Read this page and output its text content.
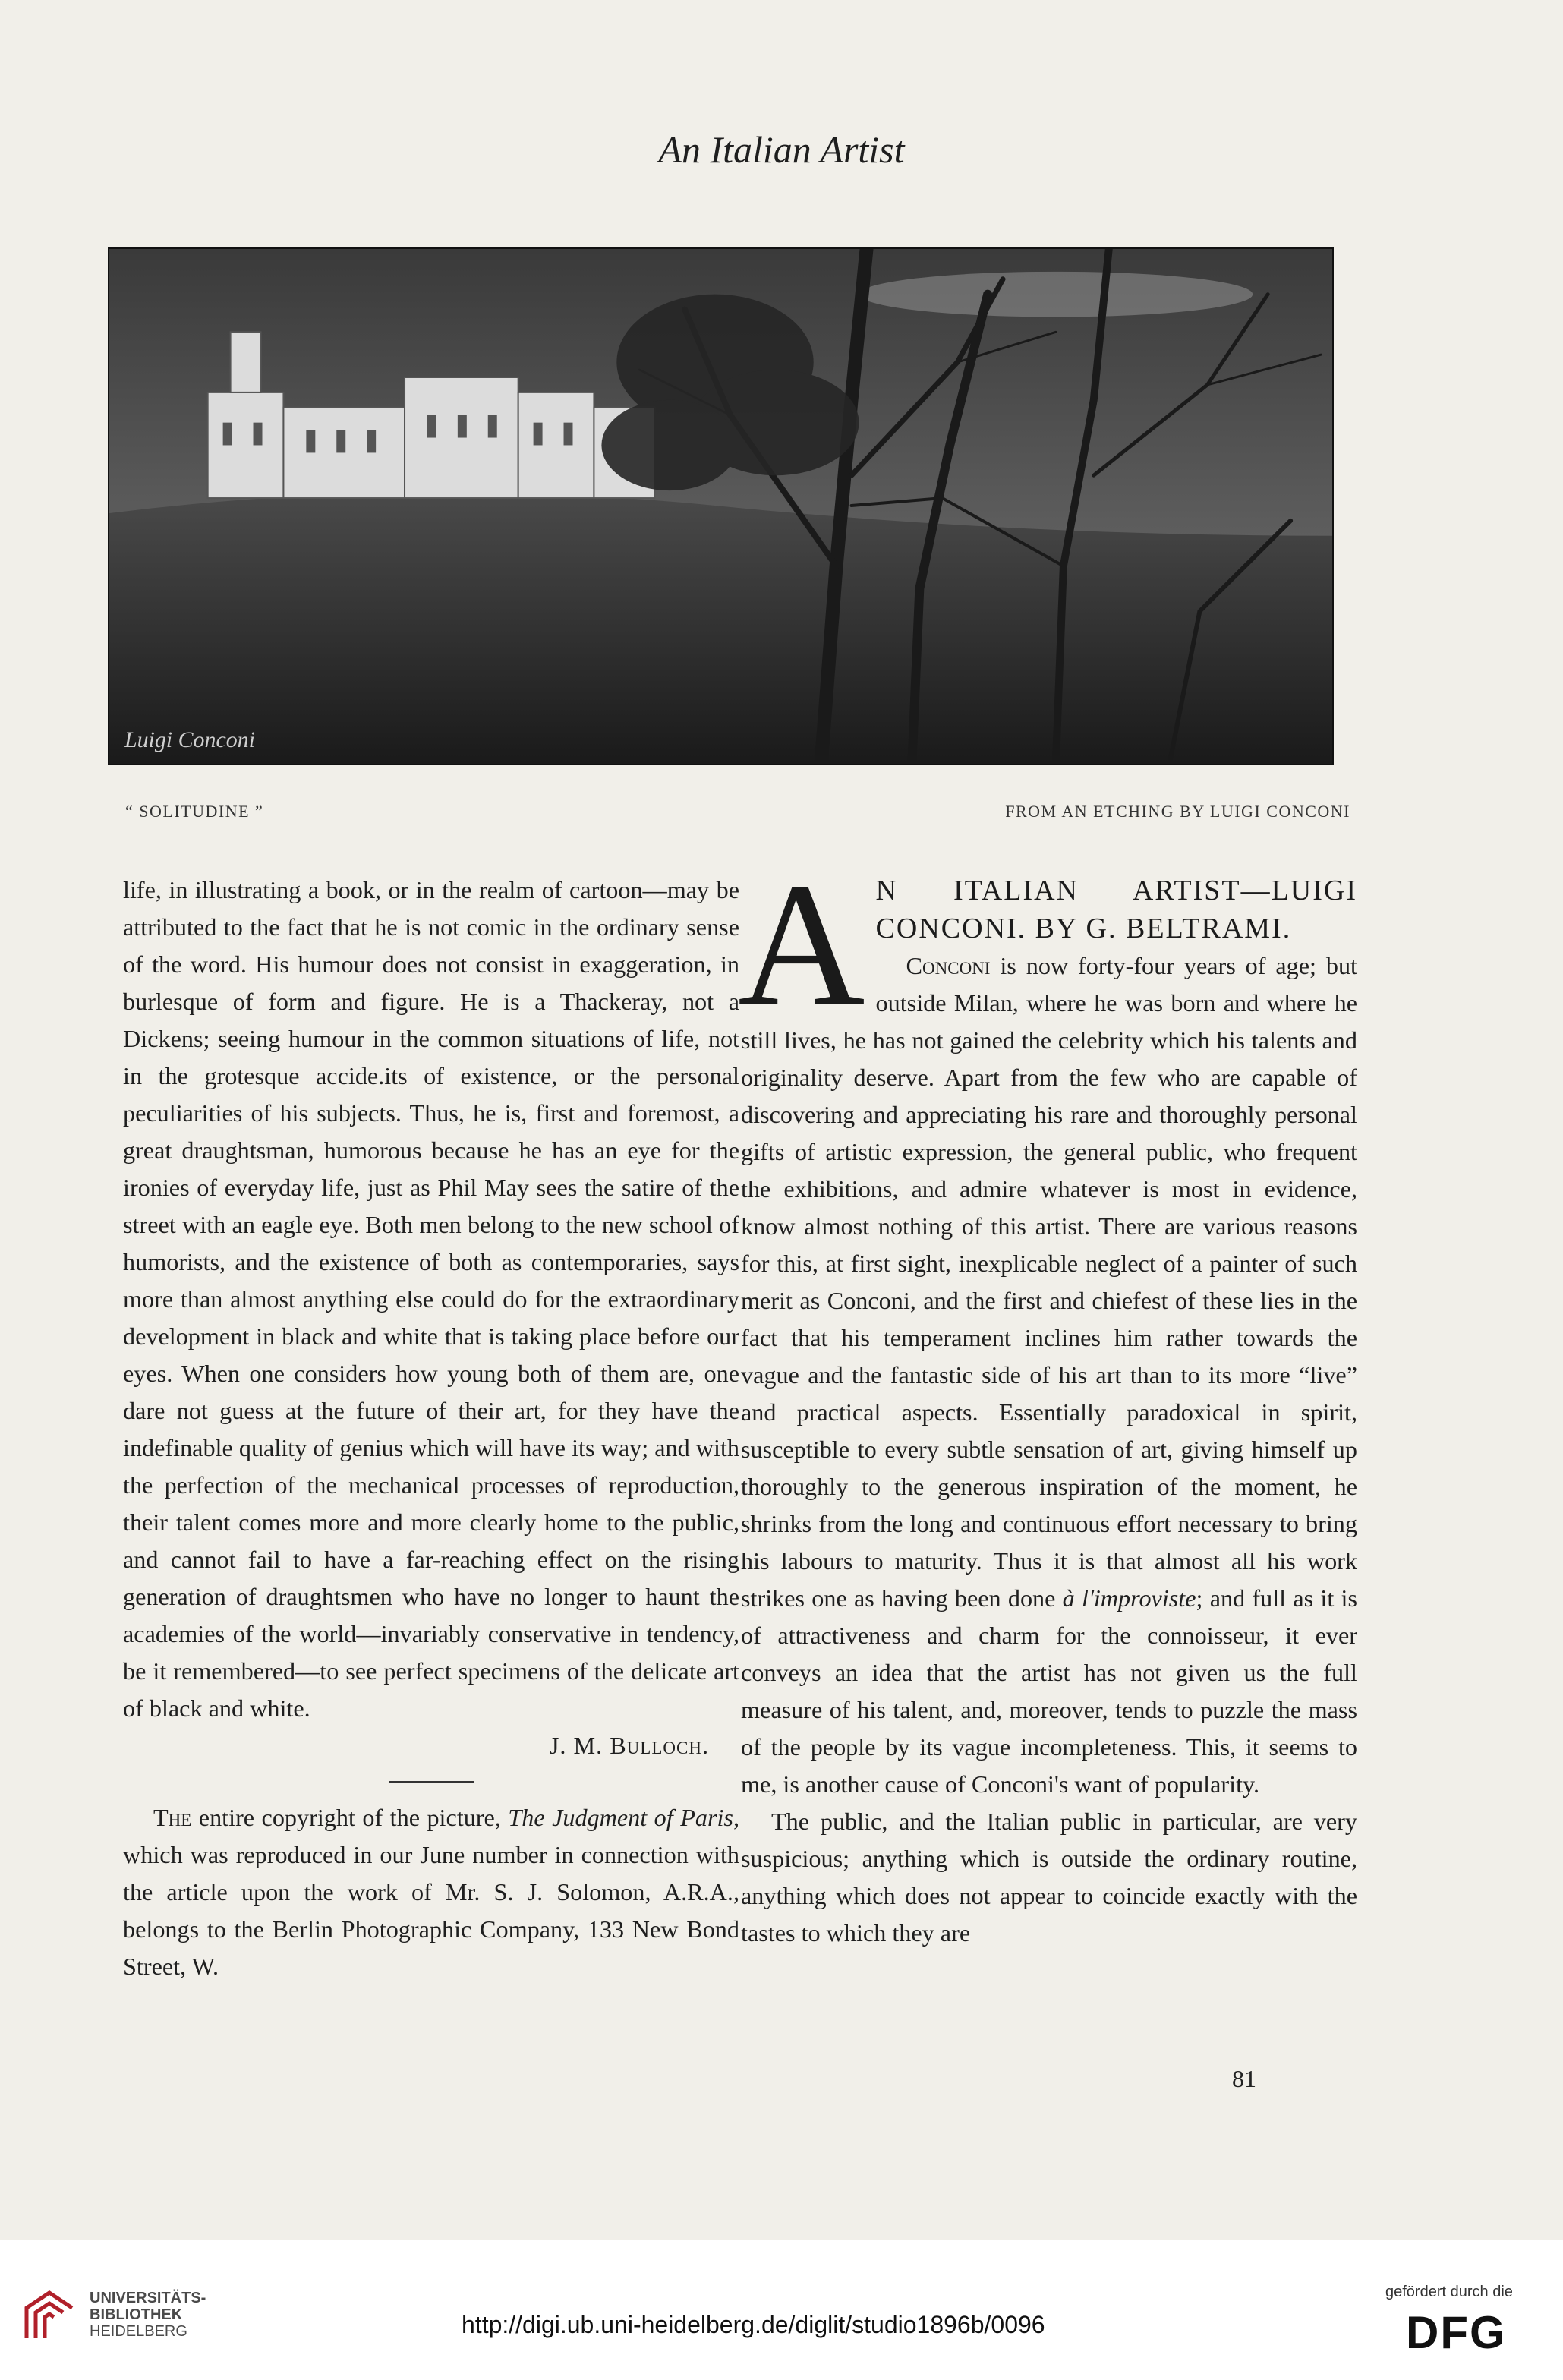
An Italian Artist
Luigi Conconi
“ SOLITUDINE ”	FROM AN ETCHING BY LUIGI CONCONI

life, in illustrating a book, or in the realm of cartoon—may be attributed to the fact that he is not comic in the ordinary sense of the word. His humour does not consist in exaggeration, in burlesque of form and figure. He is a Thackeray, not a Dickens; seeing humour in the common situations of life, not in the grotesque accide.its of existence, or the personal peculiarities of his subjects. Thus, he is, first and foremost, a great draughtsman, humorous because he has an eye for the ironies of everyday life, just as Phil May sees the satire of the street with an eagle eye. Both men belong to the new school of humorists, and the existence of both as contemporaries, says more than almost anything else could do for the extraordinary development in black and white that is taking place before our eyes. When one considers how young both of them are, one dare not guess at the future of their art, for they have the indefinable quality of genius which will have its way; and with the perfection of the mechanical processes of reproduction, their talent comes more and more clearly home to the public, and cannot fail to have a far-reaching effect on the rising generation of draughtsmen who have no longer to haunt the academies of the world—invariably conservative in tendency, be it remembered—to see perfect specimens of the delicate art of black and white.

J. M. Bulloch.

The entire copyright of the picture, The Judgment of Paris, which was reproduced in our June number in connection with the article upon the work of Mr. S. J. Solomon, A.R.A., belongs to the Berlin Photographic Company, 133 New Bond Street, W.

A N ITALIAN ARTIST—LUIGI CONCONI. BY G. BELTRAMI.

Conconi is now forty-four years of age; but outside Milan, where he was born and where he still lives, he has not gained the celebrity which his talents and originality deserve. Apart from the few who are capable of discovering and appreciating his rare and thoroughly personal gifts of artistic expression, the general public, who frequent the exhibitions, and admire whatever is most in evidence, know almost nothing of this artist. There are various reasons for this, at first sight, inexplicable neglect of a painter of such merit as Conconi, and the first and chiefest of these lies in the fact that his temperament inclines him rather towards the vague and the fantastic side of his art than to its more “live” and practical aspects. Essentially paradoxical in spirit, susceptible to every subtle sensation of art, giving himself up thoroughly to the generous inspiration of the moment, he shrinks from the long and continuous effort necessary to bring his labours to maturity. Thus it is that almost all his work strikes one as having been done à l'improviste; and full as it is of attractiveness and charm for the connoisseur, it ever conveys an idea that the artist has not given us the full measure of his talent, and, moreover, tends to puzzle the mass of the people by its vague incompleteness. This, it seems to me, is another cause of Conconi's want of popularity.

The public, and the Italian public in particular, are very suspicious; anything which is outside the ordinary routine, anything which does not appear to coincide exactly with the tastes to which they are

81
UNIVERSITÄTS-
BIBLIOTHEK
HEIDELBERG	http://digi.ub.uni-heidelberg.de/diglit/studio1896b/0096
gefördert durch die
DFG
